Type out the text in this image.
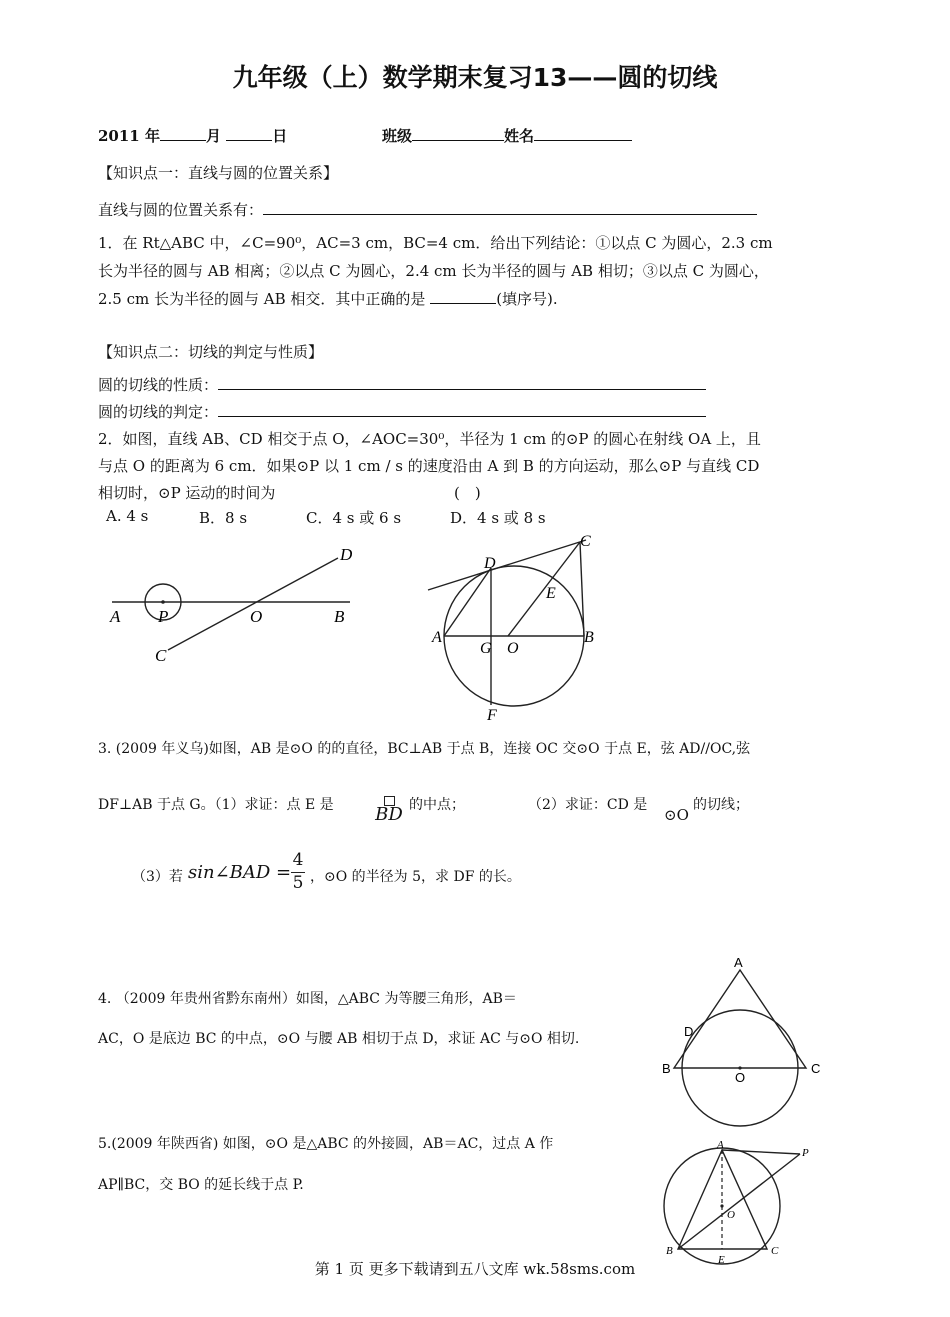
九年级（上）数学期末复习13——圆的切线
2011 年	月	日	班级	姓名
【知识点一：直线与圆的位置关系】
直线与圆的位置关系有：
1．在 Rt△ABC 中，∠C=90⁰，AC=3 cm，BC=4 cm．给出下列结论：①以点 C 为圆心，2.3 cm
长为半径的圆与 AB 相离；②以点 C 为圆心，2.4 cm 长为半径的圆与 AB 相切；③以点 C 为圆心，
2.5 cm 长为半径的圆与 AB 相交．其中正确的是	(填序号).
【知识点二：切线的判定与性质】
圆的切线的性质：
圆的切线的判定：
2．如图，直线 AB、CD 相交于点 O，∠AOC=30⁰，半径为 1 cm 的⊙P 的圆心在射线 OA 上，且
与点 O 的距离为 6 cm．如果⊙P 以 1 cm / s 的速度沿由 A 到 B 的方向运动，那么⊙P 与直线 CD
相切时，⊙P 运动的时间为	(　)
A. 4 s	B．8 s	C．4 s 或 6 s	D．4 s 或 8 s
A P	O	B
C
D
A	B
C
D
E
F
G O
3. (2009 年义乌)如图，AB 是⊙O 的的直径，BC⊥AB 于点 B，连接 OC 交⊙O 于点 E，弦 AD//OC,弦
DF⊥AB 于点 G。（1）求证：点 E 是 BD 的中点；	（2）求证：CD 是
⊙O
的切线；
（3）若 sin∠BAD =
4
5 ，⊙O 的半径为 5，求 DF 的长。
4. （2009 年贵州省黔东南州）如图，△ABC 为等腰三角形，AB＝
AC，O 是底边 BC 的中点，⊙O 与腰 AB 相切于点 D，求证 AC 与⊙O 相切.
A
B	C
D
O
5.(2009 年陕西省) 如图，⊙O 是△ABC 的外接圆，AB＝AC，过点 A 作
AP∥BC，交 BO 的延长线于点 P.
A
B	C
E
O
P
第 1 页 更多下载请到五八文库 wk.58sms.com
